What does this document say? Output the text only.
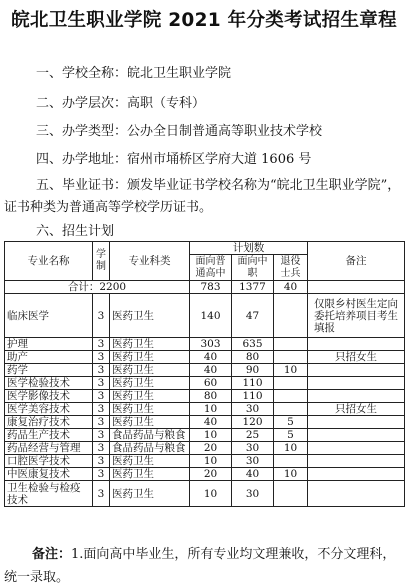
皖北卫生职业学院 2021 年分类考试招生章程
一、学校全称：皖北卫生职业学院
二、办学层次：高职（专科）
三、办学类型：公办全日制普通高等职业技术学校
四、办学地址：宿州市埇桥区学府大道 1606 号
五、毕业证书：颁发毕业证书学校名称为“皖北卫生职业学院”，
证书种类为普通高等学校学历证书。
六、招生计划
专业名称	学制	专业科类	计划数			备注
			面向普通高中	面向中职	退役士兵	
合计：2200			783	1377	40	
临床医学	3	医药卫生	140	47		仅限乡村医生定向委托培养项目考生填报
护理	3	医药卫生	303	635		
助产	3	医药卫生	40	80		只招女生
药学	3	医药卫生	40	90	10	
医学检验技术	3	医药卫生	60	110		
医学影像技术	3	医药卫生	80	110		
医学美容技术	3	医药卫生	10	30		只招女生
康复治疗技术	3	医药卫生	40	120	5	
药品生产技术	3	食品药品与粮食	10	25	5	
药品经营与管理	3	食品药品与粮食	20	30	10	
口腔医学技术	3	医药卫生	10	30		
中医康复技术	3	医药卫生	20	40	10	
卫生检验与检疫技术	3	医药卫生	10	30		
备注：1.面向高中毕业生，所有专业均文理兼收，不分文理科，
统一录取。
